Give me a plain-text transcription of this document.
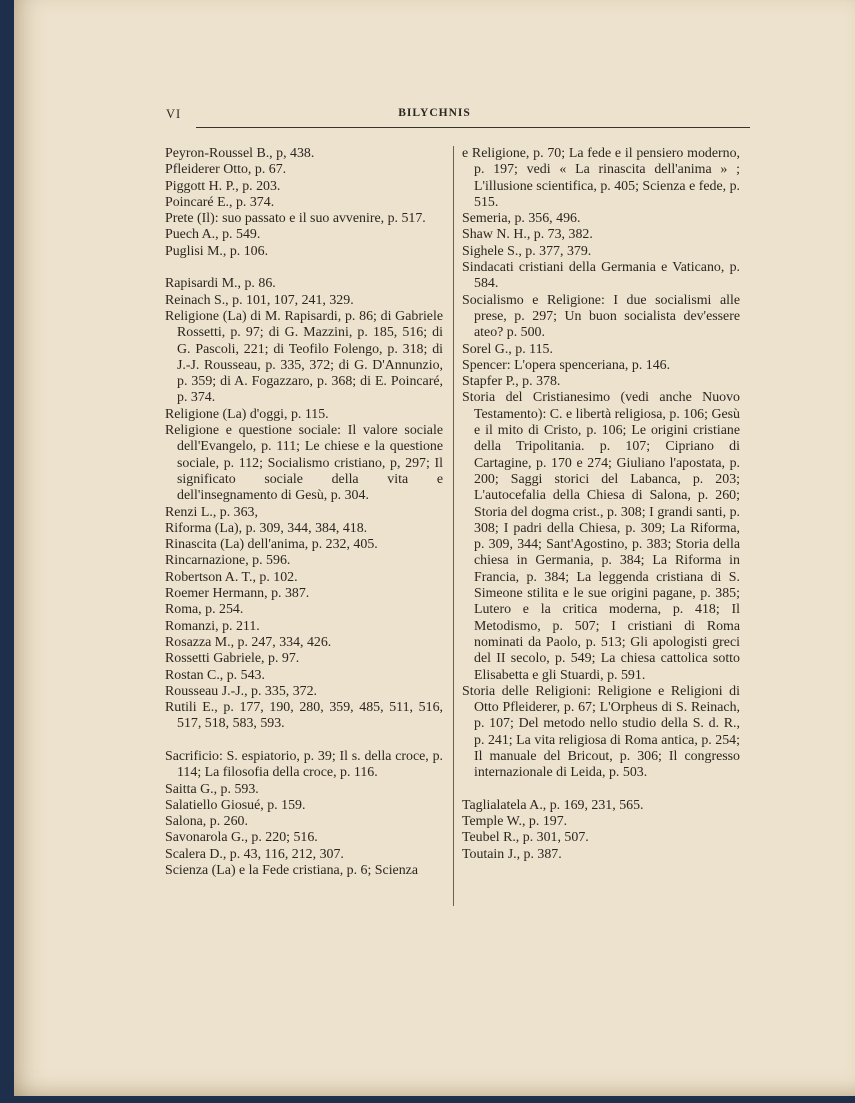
VI	BILYCHNIS

Peyron-Roussel B., p, 438.

Pfleiderer Otto, p. 67.

Piggott H. P., p. 203.

Poincaré E., p. 374.

Prete (Il): suo passato e il suo avvenire, p. 517.

Puech A., p. 549.

Puglisi M., p. 106.

Rapisardi M., p. 86.

Reinach S., p. 101, 107, 241, 329.

Religione (La) di M. Rapisardi, p. 86; di Gabriele Rossetti, p. 97; di G. Mazzini, p. 185, 516; di G. Pascoli, 221; di Teofilo Folengo, p. 318; di J.-J. Rousseau, p. 335, 372; di G. D'Annunzio, p. 359; di A. Fogazzaro, p. 368; di E. Poincaré, p. 374.

Religione (La) d'oggi, p. 115.

Religione e questione sociale: Il valore sociale dell'Evangelo, p. 111; Le chiese e la questione sociale, p. 112; Socialismo cristiano, p, 297; Il significato sociale della vita e dell'insegnamento di Gesù, p. 304.

Renzi L., p. 363,

Riforma (La), p. 309, 344, 384, 418.

Rinascita (La) dell'anima, p. 232, 405.

Rincarnazione, p. 596.

Robertson A. T., p. 102.

Roemer Hermann, p. 387.

Roma, p. 254.

Romanzi, p. 211.

Rosazza M., p. 247, 334, 426.

Rossetti Gabriele, p. 97.

Rostan C., p. 543.

Rousseau J.-J., p. 335, 372.

Rutili E., p. 177, 190, 280, 359, 485, 511, 516, 517, 518, 583, 593.

Sacrificio: S. espiatorio, p. 39; Il s. della croce, p. 114; La filosofia della croce, p. 116.

Saitta G., p. 593.

Salatiello Giosué, p. 159.

Salona, p. 260.

Savonarola G., p. 220; 516.

Scalera D., p. 43, 116, 212, 307.

Scienza (La) e la Fede cristiana, p. 6; Scienza

e Religione, p. 70; La fede e il pensiero moderno, p. 197; vedi « La rinascita dell'anima » ; L'illusione scientifica, p. 405; Scienza e fede, p. 515.

Semeria, p. 356, 496.

Shaw N. H., p. 73, 382.

Sighele S., p. 377, 379.

Sindacati cristiani della Germania e Vaticano, p. 584.

Socialismo e Religione: I due socialismi alle prese, p. 297; Un buon socialista dev'essere ateo? p. 500.

Sorel G., p. 115.

Spencer: L'opera spenceriana, p. 146.

Stapfer P., p. 378.

Storia del Cristianesimo (vedi anche Nuovo Testamento): C. e libertà religiosa, p. 106; Gesù e il mito di Cristo, p. 106; Le origini cristiane della Tripolitania. p. 107; Cipriano di Cartagine, p. 170 e 274; Giuliano l'apostata, p. 200; Saggi storici del Labanca, p. 203; L'autocefalia della Chiesa di Salona, p. 260; Storia del dogma crist., p. 308; I grandi santi, p. 308; I padri della Chiesa, p. 309; La Riforma, p. 309, 344; Sant'Agostino, p. 383; Storia della chiesa in Germania, p. 384; La Riforma in Francia, p. 384; La leggenda cristiana di S. Simeone stilita e le sue origini pagane, p. 385; Lutero e la critica moderna, p. 418; Il Metodismo, p. 507; I cristiani di Roma nominati da Paolo, p. 513; Gli apologisti greci del II secolo, p. 549; La chiesa cattolica sotto Elisabetta e gli Stuardi, p. 591.

Storia delle Religioni: Religione e Religioni di Otto Pfleiderer, p. 67; L'Orpheus di S. Reinach, p. 107; Del metodo nello studio della S. d. R., p. 241; La vita religiosa di Roma antica, p. 254; Il manuale del Bricout, p. 306; Il congresso internazionale di Leida, p. 503.

Taglialatela A., p. 169, 231, 565.

Temple W., p. 197.

Teubel R., p. 301, 507.

Toutain J., p. 387.
